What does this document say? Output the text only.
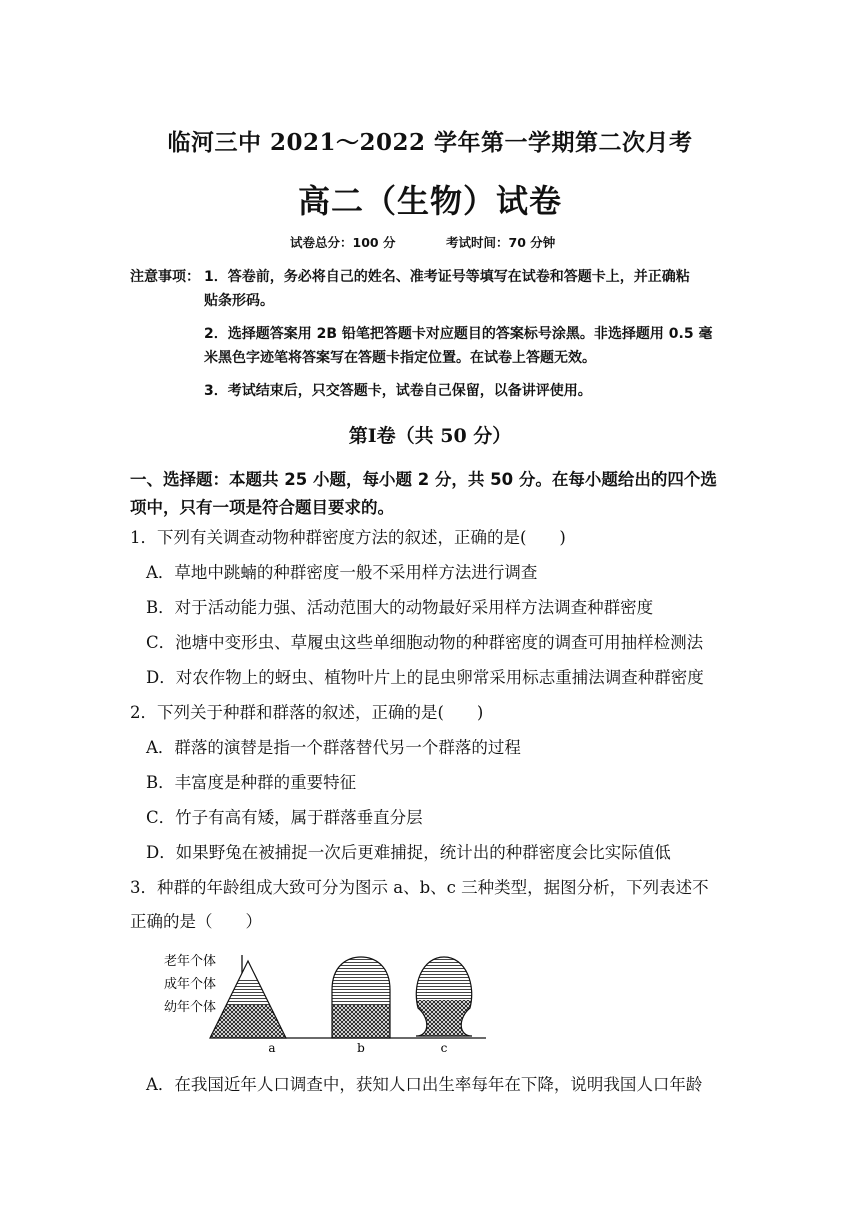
临河三中 2021～2022 学年第一学期第二次月考
高二（生物）试卷
试卷总分：100 分	考试时间：70 分钟
注意事项： 1．答卷前，务必将自己的姓名、准考证号等填写在试卷和答题卡上，并正确粘
贴条形码。
2．选择题答案用 2B 铅笔把答题卡对应题目的答案标号涂黑。非选择题用 0.5 毫
米黑色字迹笔将答案写在答题卡指定位置。在试卷上答题无效。
3．考试结束后，只交答题卡，试卷自己保留，以备讲评使用。
第Ⅰ卷（共 50 分）
一、选择题：本题共 25 小题，每小题 2 分，共 50 分。在每小题给出的四个选
项中，只有一项是符合题目要求的。
1．下列有关调查动物种群密度方法的叙述，正确的是(　　)
A．草地中跳蝻的种群密度一般不采用样方法进行调查
B．对于活动能力强、活动范围大的动物最好采用样方法调查种群密度
C．池塘中变形虫、草履虫这些单细胞动物的种群密度的调查可用抽样检测法
D．对农作物上的蚜虫、植物叶片上的昆虫卵常采用标志重捕法调查种群密度
2．下列关于种群和群落的叙述，正确的是(　　)
A．群落的演替是指一个群落替代另一个群落的过程
B．丰富度是种群的重要特征
C．竹子有高有矮，属于群落垂直分层
D．如果野兔在被捕捉一次后更难捕捉，统计出的种群密度会比实际值低
3．种群的年龄组成大致可分为图示 a、b、c 三种类型，据图分析，下列表述不
正确的是（　　）
老年个体
成年个体
幼年个体
a	b	c
A．在我国近年人口调查中，获知人口出生率每年在下降，说明我国人口年龄
